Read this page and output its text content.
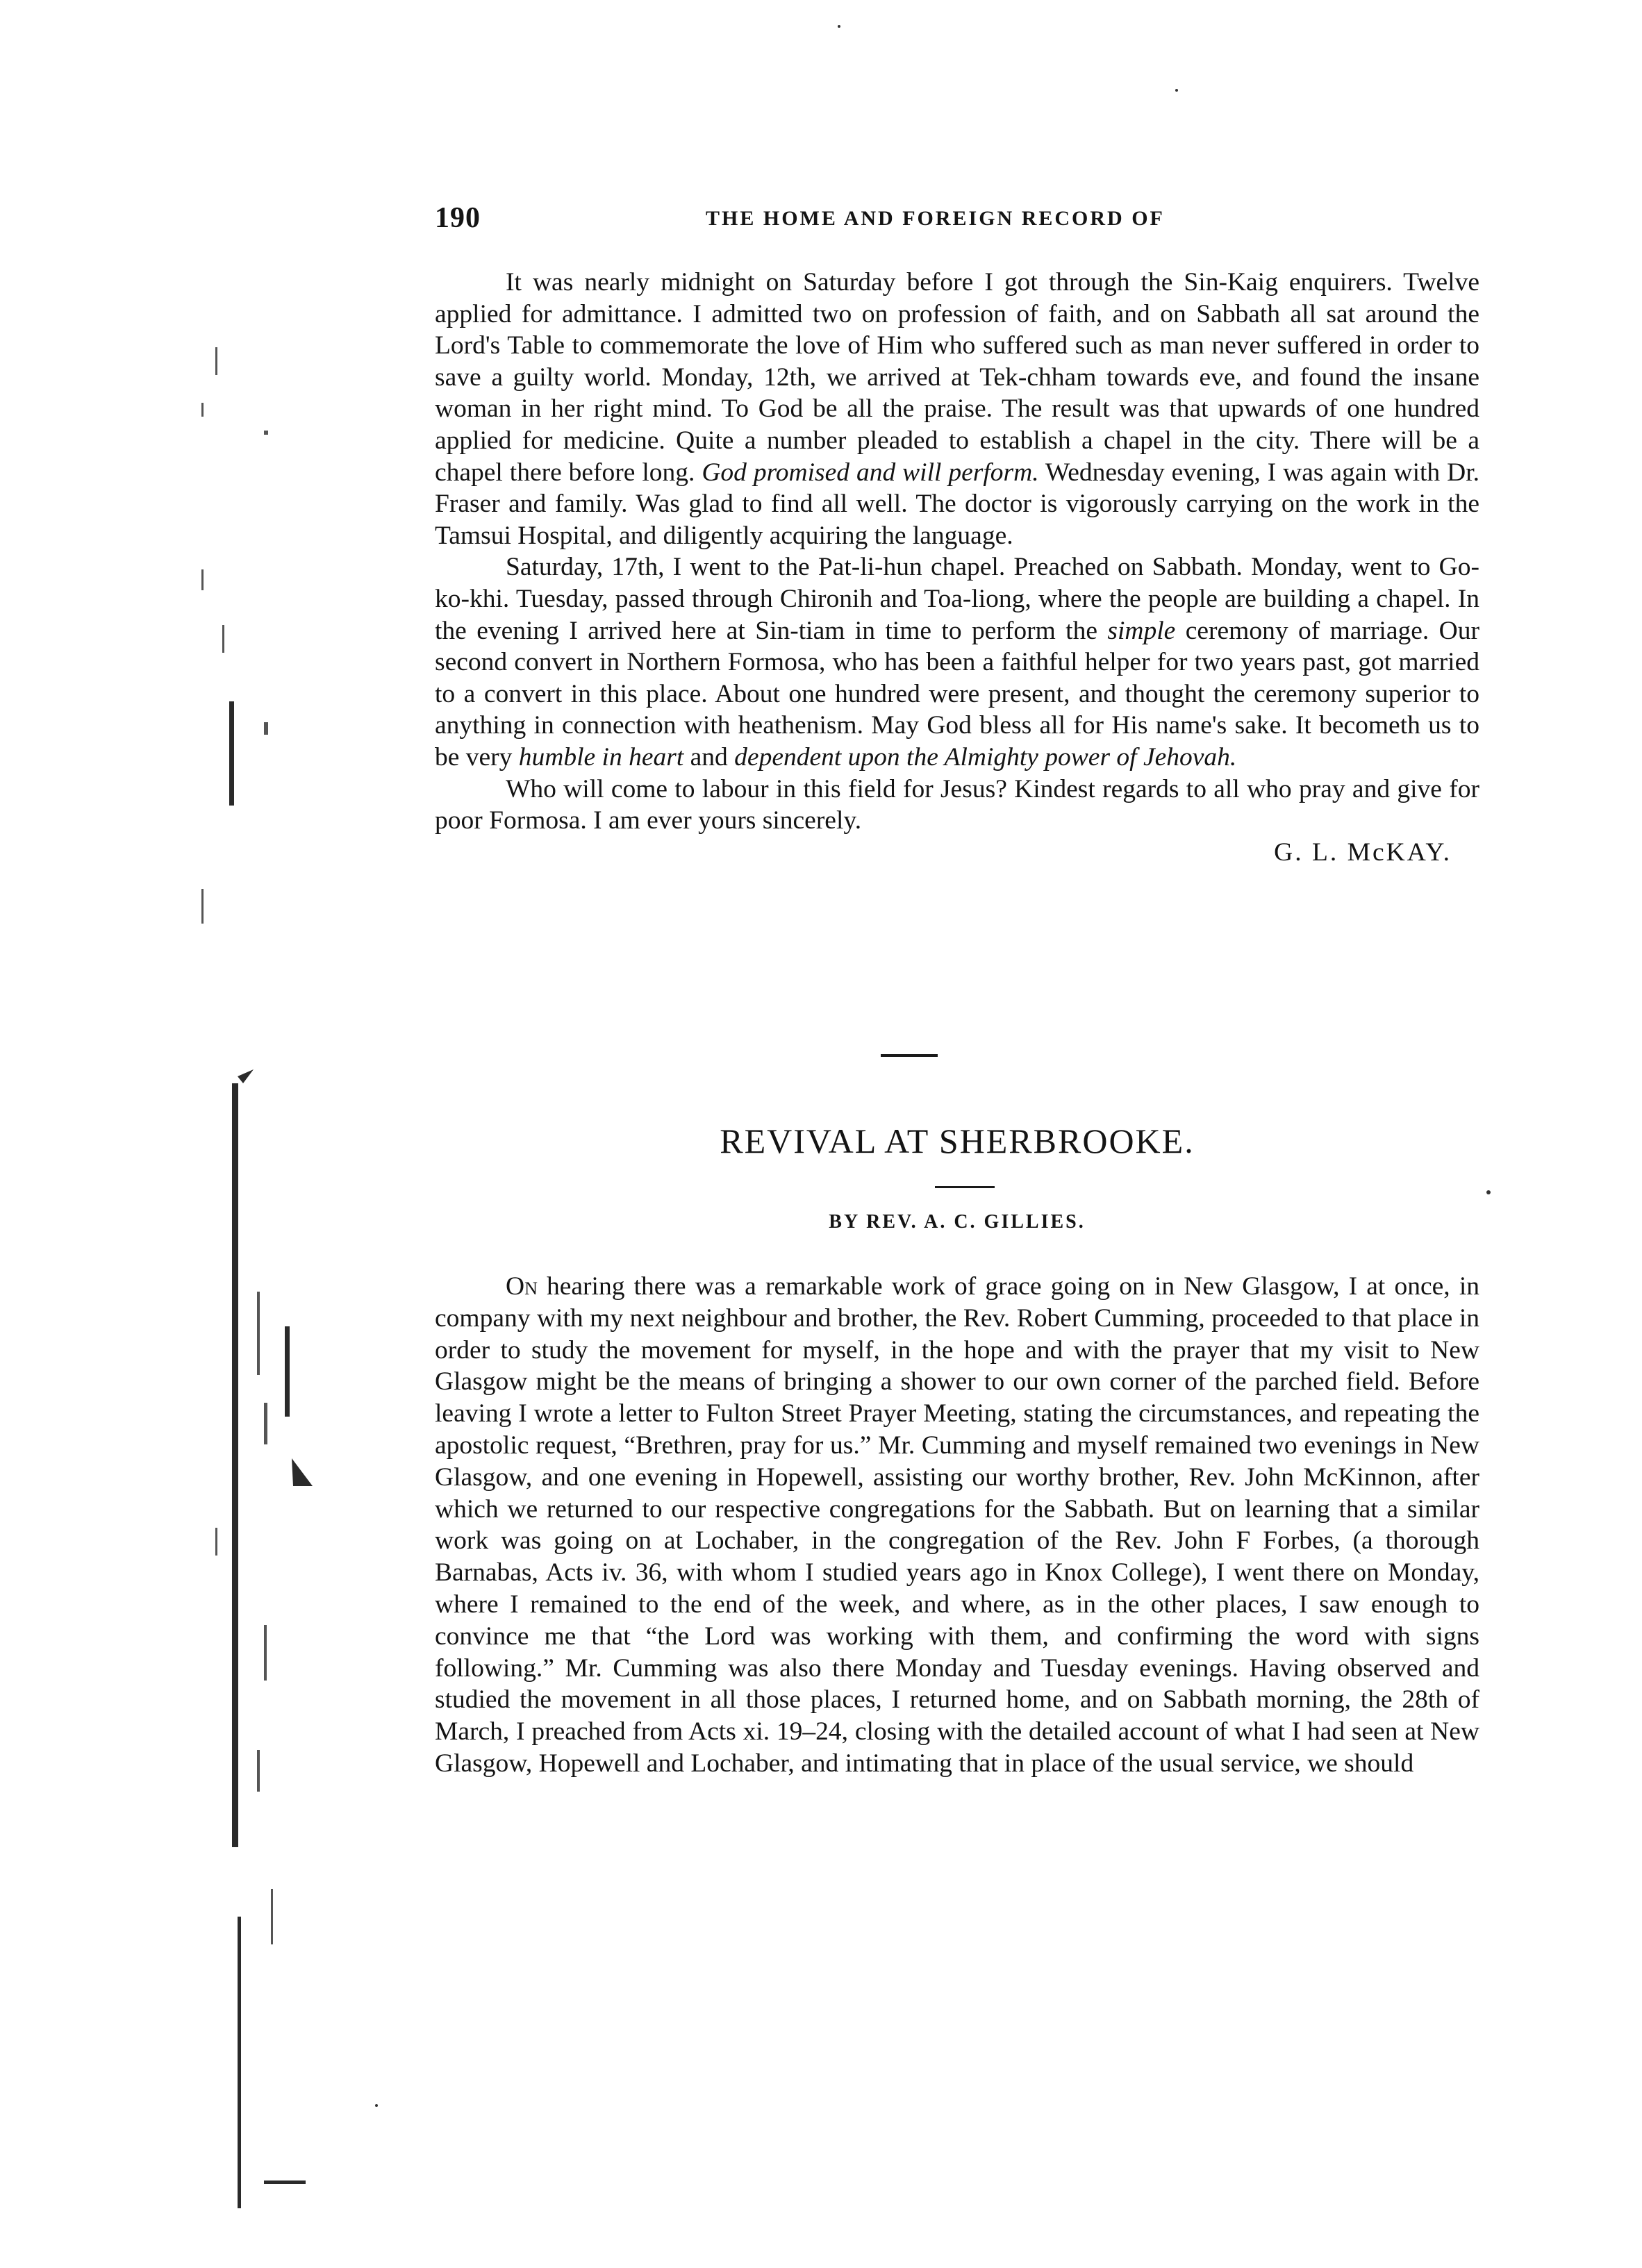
190	THE HOME AND FOREIGN RECORD OF

It was nearly midnight on Saturday before I got through the Sin-Kaig enquirers. Twelve applied for admittance. I admitted two on profession of faith, and on Sabbath all sat around the Lord's Table to commemorate the love of Him who suffered such as man never suffered in order to save a guilty world. Monday, 12th, we arrived at Tek-chham towards eve, and found the insane woman in her right mind. To God be all the praise. The result was that upwards of one hundred applied for medicine. Quite a number pleaded to establish a chapel in the city. There will be a chapel there before long. God promised and will perform. Wednesday evening, I was again with Dr. Fraser and family. Was glad to find all well. The doctor is vigorously carrying on the work in the Tamsui Hospital, and diligently acquiring the language.

Saturday, 17th, I went to the Pat-li-hun chapel. Preached on Sabbath. Monday, went to Go-ko-khi. Tuesday, passed through Chironih and Toa-liong, where the people are building a chapel. In the evening I arrived here at Sin-tiam in time to perform the simple ceremony of marriage. Our second convert in Northern Formosa, who has been a faithful helper for two years past, got married to a convert in this place. About one hundred were present, and thought the ceremony superior to anything in connection with heathenism. May God bless all for His name's sake. It becometh us to be very humble in heart and dependent upon the Almighty power of Jehovah.

Who will come to labour in this field for Jesus? Kindest regards to all who pray and give for poor Formosa. I am ever yours sincerely.

G. L. McKAY.

REVIVAL AT SHERBROOKE.
BY REV. A. C. GILLIES.

On hearing there was a remarkable work of grace going on in New Glasgow, I at once, in company with my next neighbour and brother, the Rev. Robert Cumming, proceeded to that place in order to study the movement for myself, in the hope and with the prayer that my visit to New Glasgow might be the means of bringing a shower to our own corner of the parched field. Before leaving I wrote a letter to Fulton Street Prayer Meeting, stating the circumstances, and repeating the apostolic request, “Brethren, pray for us.” Mr. Cumming and myself remained two evenings in New Glasgow, and one evening in Hopewell, assisting our worthy brother, Rev. John McKinnon, after which we returned to our respective congregations for the Sabbath. But on learning that a similar work was going on at Lochaber, in the congregation of the Rev. John F Forbes, (a thorough Barnabas, Acts iv. 36, with whom I studied years ago in Knox College), I went there on Monday, where I remained to the end of the week, and where, as in the other places, I saw enough to convince me that “the Lord was working with them, and confirming the word with signs following.” Mr. Cumming was also there Monday and Tuesday evenings. Having observed and studied the movement in all those places, I returned home, and on Sabbath morning, the 28th of March, I preached from Acts xi. 19–24, closing with the detailed account of what I had seen at New Glasgow, Hopewell and Lochaber, and intimating that in place of the usual service, we should
